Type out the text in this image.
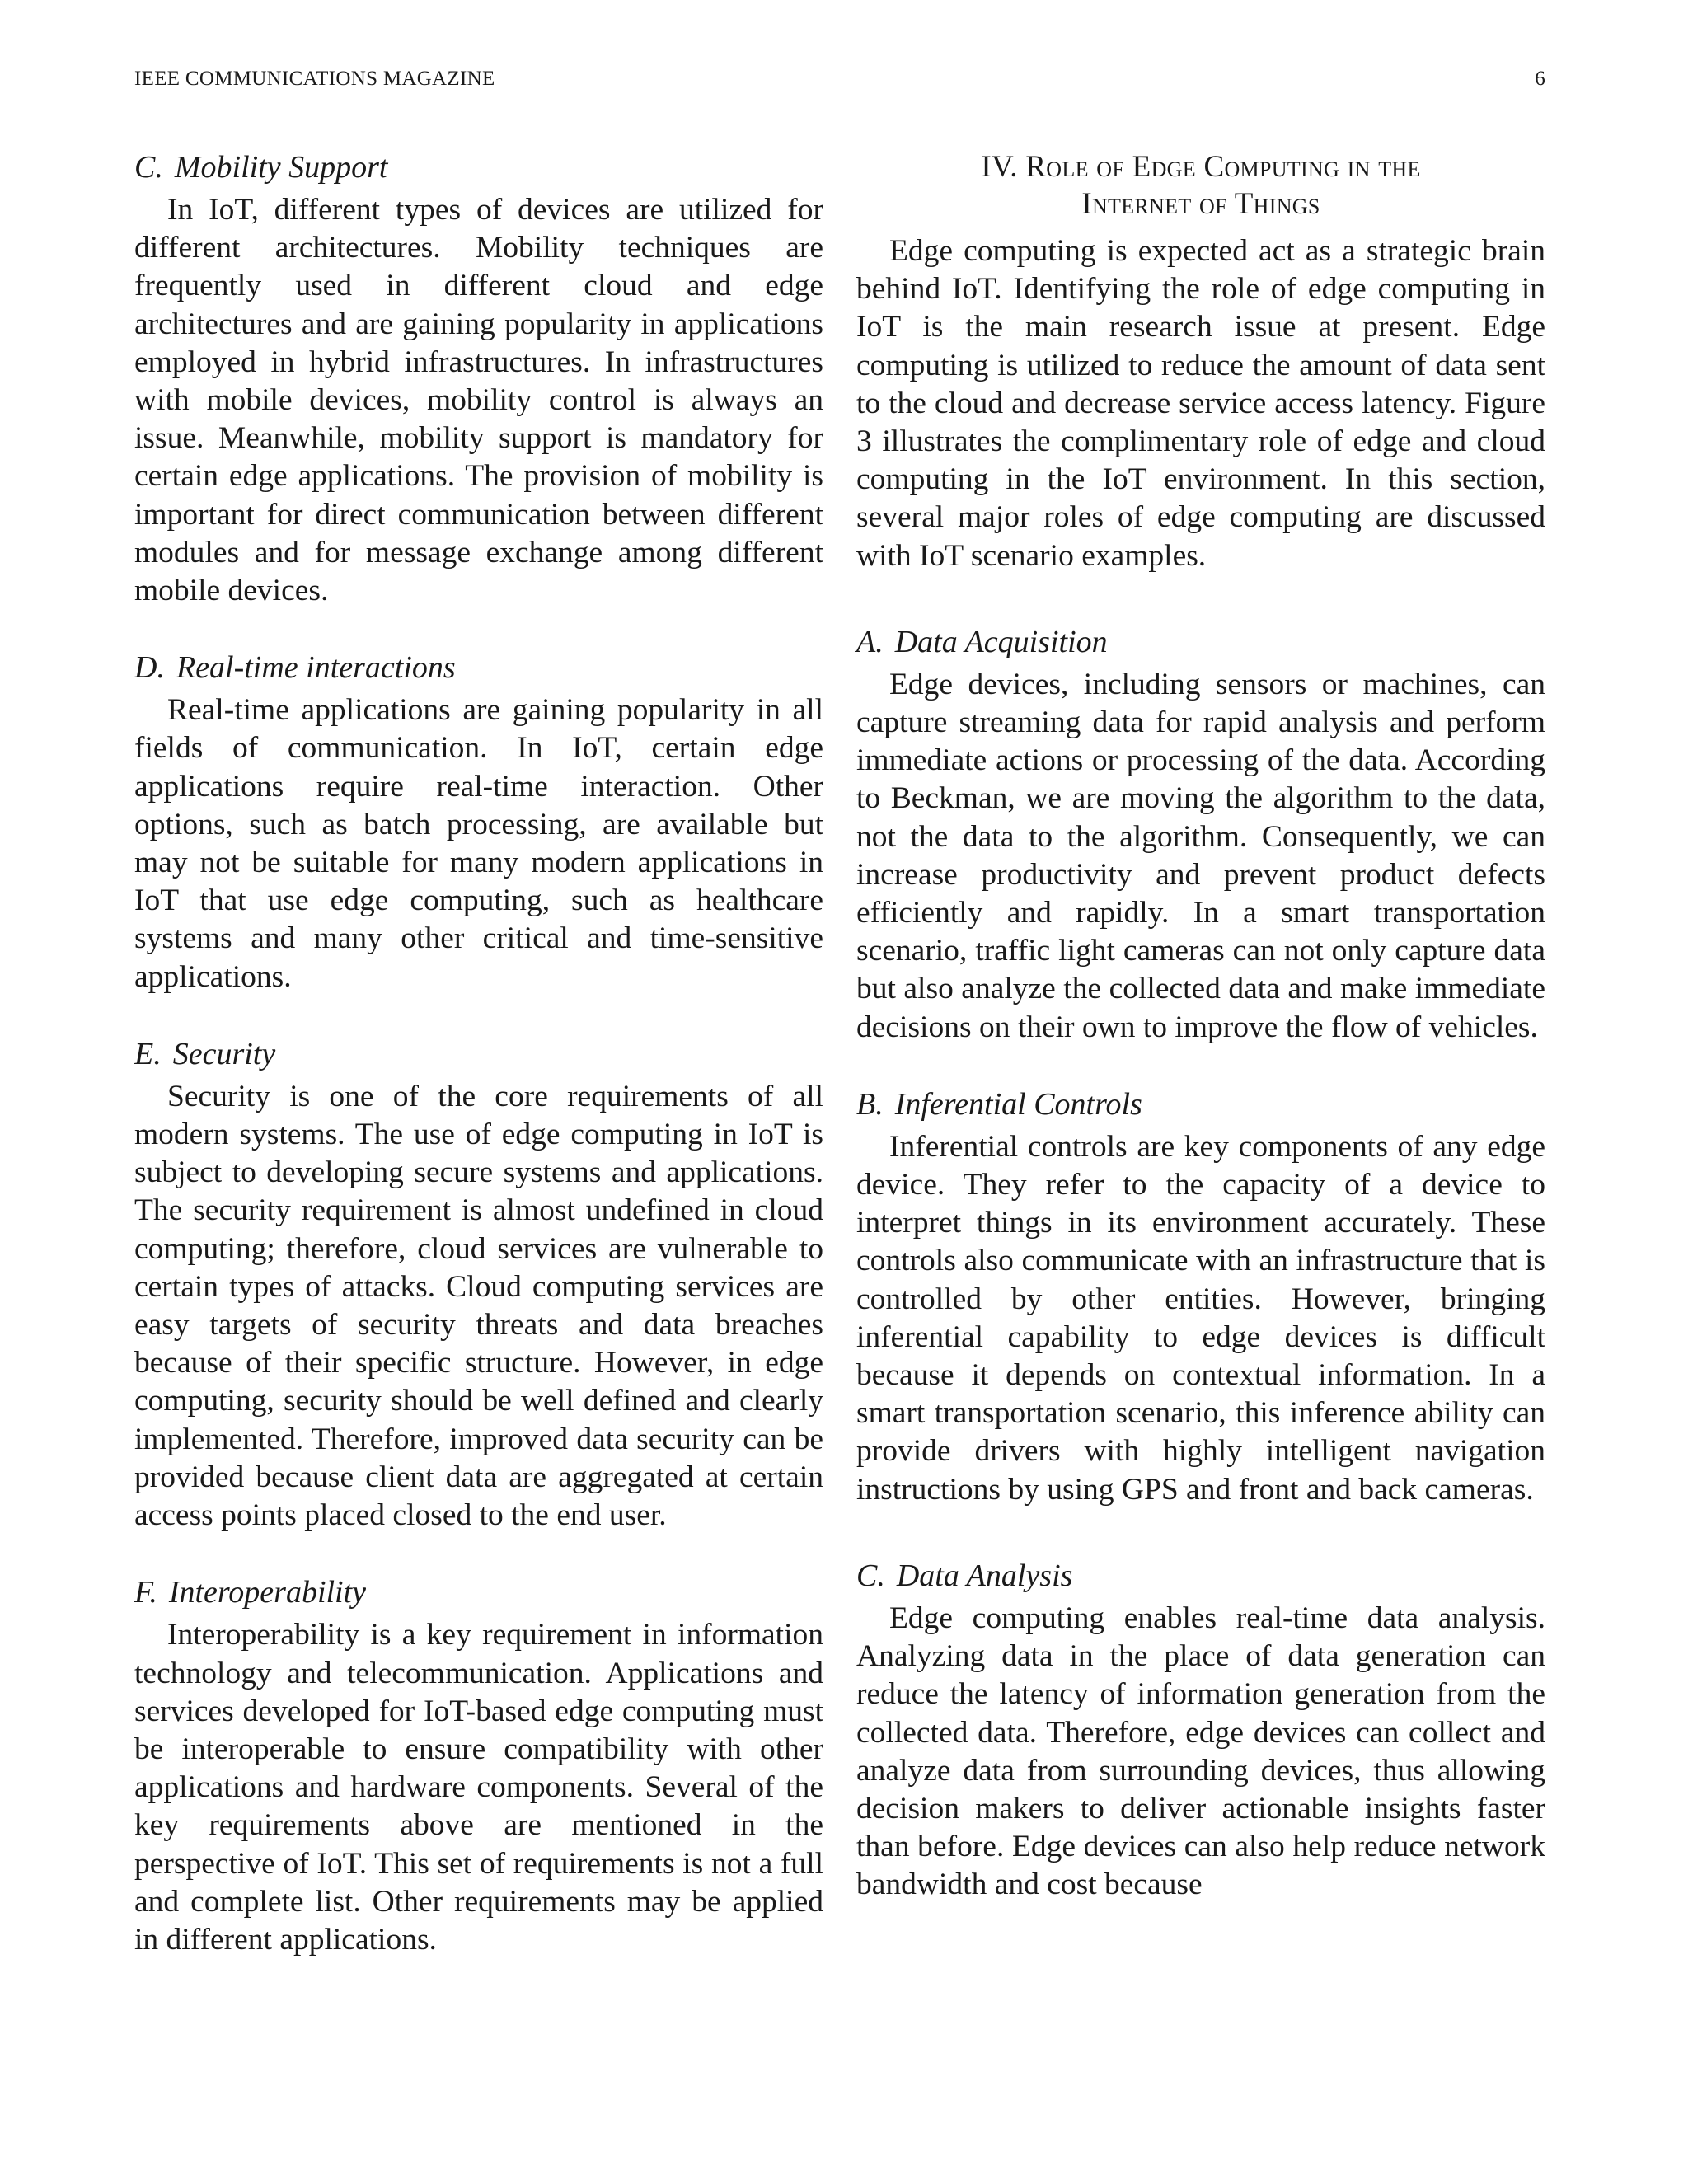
IEEE COMMUNICATIONS MAGAZINE	6
C. Mobility Support

In IoT, different types of devices are utilized for different architectures. Mobility techniques are frequently used in different cloud and edge architectures and are gaining popularity in applications employed in hybrid infrastructures. In infrastructures with mobile devices, mobility control is always an issue. Meanwhile, mobility support is mandatory for certain edge applications. The provision of mobility is important for direct communication between different modules and for message exchange among different mobile devices.

D. Real-time interactions

Real-time applications are gaining popularity in all fields of communication. In IoT, certain edge applications require real-time interaction. Other options, such as batch processing, are available but may not be suitable for many modern applications in IoT that use edge computing, such as healthcare systems and many other critical and time-sensitive applications.

E. Security

Security is one of the core requirements of all modern systems. The use of edge computing in IoT is subject to developing secure systems and applications. The security requirement is almost undefined in cloud computing; therefore, cloud services are vulnerable to certain types of attacks. Cloud computing services are easy targets of security threats and data breaches because of their specific structure. However, in edge computing, security should be well defined and clearly implemented. Therefore, improved data security can be provided because client data are aggregated at certain access points placed closed to the end user.

F. Interoperability

Interoperability is a key requirement in information technology and telecommunication. Applications and services developed for IoT-based edge computing must be interoperable to ensure compatibility with other applications and hardware components. Several of the key requirements above are mentioned in the perspective of IoT. This set of requirements is not a full and complete list. Other requirements may be applied in different applications.

IV. Role of Edge Computing in the
Internet of Things

Edge computing is expected act as a strategic brain behind IoT. Identifying the role of edge computing in IoT is the main research issue at present. Edge computing is utilized to reduce the amount of data sent to the cloud and decrease service access latency. Figure 3 illustrates the complimentary role of edge and cloud computing in the IoT environment. In this section, several major roles of edge computing are discussed with IoT scenario examples.

A. Data Acquisition

Edge devices, including sensors or machines, can capture streaming data for rapid analysis and perform immediate actions or processing of the data. According to Beckman, we are moving the algorithm to the data, not the data to the algorithm. Consequently, we can increase productivity and prevent product defects efficiently and rapidly. In a smart transportation scenario, traffic light cameras can not only capture data but also analyze the collected data and make immediate decisions on their own to improve the flow of vehicles.

B. Inferential Controls

Inferential controls are key components of any edge device. They refer to the capacity of a device to interpret things in its environment accurately. These controls also communicate with an infrastructure that is controlled by other entities. However, bringing inferential capability to edge devices is difficult because it depends on contextual information. In a smart transportation scenario, this inference ability can provide drivers with highly intelligent navigation instructions by using GPS and front and back cameras.

C. Data Analysis

Edge computing enables real-time data analysis. Analyzing data in the place of data generation can reduce the latency of information generation from the collected data. Therefore, edge devices can collect and analyze data from surrounding devices, thus allowing decision makers to deliver actionable insights faster than before. Edge devices can also help reduce network bandwidth and cost because
